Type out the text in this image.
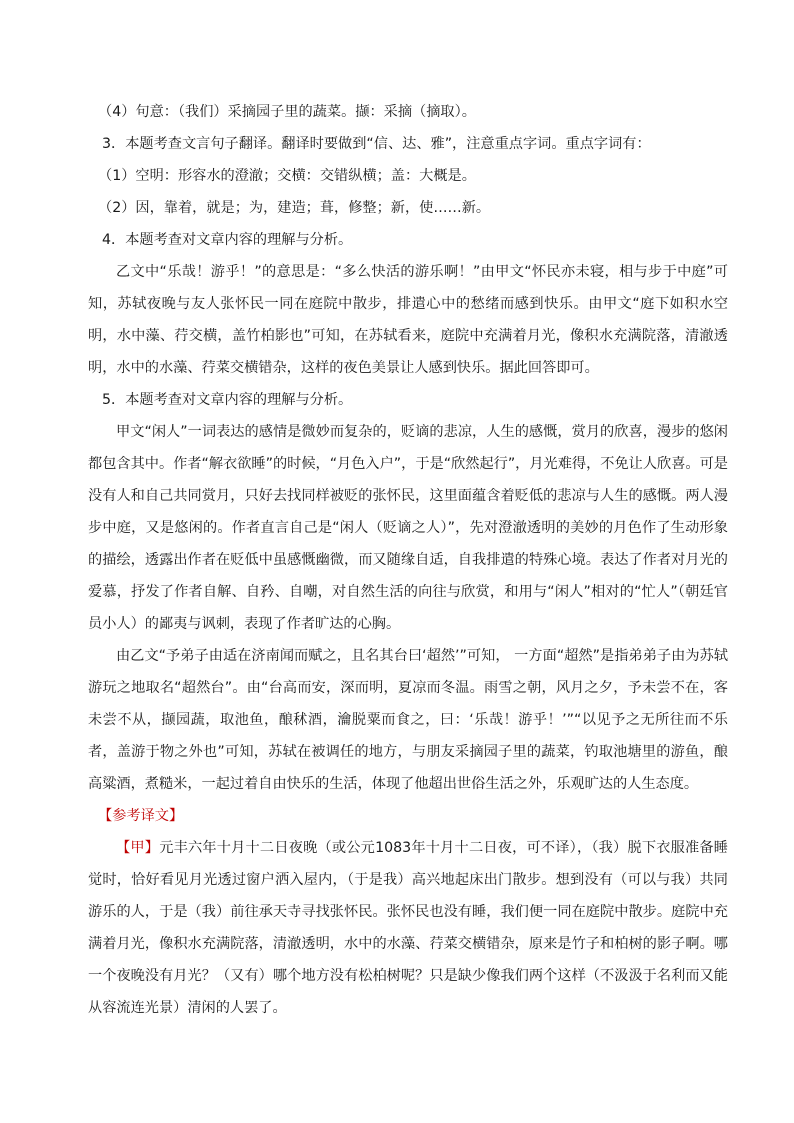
（4）句意：（我们）采摘园子里的蔬菜。撷：采摘（摘取）。

3．本题考查文言句子翻译。翻译时要做到“信、达、雅”，注意重点字词。重点字词有：

（1）空明：形容水的澄澈；交横：交错纵横；盖：大概是。

（2）因，靠着，就是；为，建造；葺，修整；新，使……新。

4．本题考查对文章内容的理解与分析。

乙文中“乐哉！游乎！”的意思是：“多么快活的游乐啊！”由甲文“怀民亦未寝，相与步于中庭”可知，苏轼夜晚与友人张怀民一同在庭院中散步，排遣心中的愁绪而感到快乐。由甲文“庭下如积水空明，水中藻、荇交横，盖竹柏影也”可知，在苏轼看来，庭院中充满着月光，像积水充满院落，清澈透明，水中的水藻、荇菜交横错杂，这样的夜色美景让人感到快乐。据此回答即可。

5．本题考查对文章内容的理解与分析。

甲文“闲人”一词表达的感情是微妙而复杂的，贬谪的悲凉，人生的感慨，赏月的欣喜，漫步的悠闲都包含其中。作者“解衣欲睡”的时候，“月色入户”，于是“欣然起行”，月光难得，不免让人欣喜。可是没有人和自己共同赏月，只好去找同样被贬的张怀民，这里面蕴含着贬低的悲凉与人生的感慨。两人漫步中庭，又是悠闲的。作者直言自己是“闲人（贬谪之人）”，先对澄澈透明的美妙的月色作了生动形象的描绘，透露出作者在贬低中虽感慨幽微，而又随缘自适，自我排遣的特殊心境。表达了作者对月光的爱慕，抒发了作者自解、自矜、自嘲，对自然生活的向往与欣赏，和用与“闲人”相对的“忙人”（朝廷官员小人）的鄙夷与讽刺，表现了作者旷达的心胸。

由乙文“予弟子由适在济南闻而赋之，且名其台曰‘超然’”可知， 一方面“超然”是指弟弟子由为苏轼游玩之地取名“超然台”。由“台高而安，深而明，夏凉而冬温。雨雪之朝，风月之夕，予未尝不在，客未尝不从，撷园蔬，取池鱼，酿秫酒，瀹脱粟而食之，曰：‘乐哉！游乎！’”“以见予之无所往而不乐者，盖游于物之外也”可知，苏轼在被调任的地方，与朋友采摘园子里的蔬菜，钓取池塘里的游鱼，酿高粱酒，煮糙米，一起过着自由快乐的生活，体现了他超出世俗生活之外，乐观旷达的人生态度。

【参考译文】

【甲】元丰六年十月十二日夜晚（或公元1083年十月十二日夜，可不译），（我）脱下衣服准备睡觉时，恰好看见月光透过窗户洒入屋内，（于是我）高兴地起床出门散步。想到没有（可以与我）共同游乐的人，于是（我）前往承天寺寻找张怀民。张怀民也没有睡，我们便一同在庭院中散步。庭院中充满着月光，像积水充满院落，清澈透明，水中的水藻、荇菜交横错杂，原来是竹子和柏树的影子啊。哪一个夜晚没有月光？（又有）哪个地方没有松柏树呢？只是缺少像我们两个这样（不汲汲于名利而又能从容流连光景）清闲的人罢了。
